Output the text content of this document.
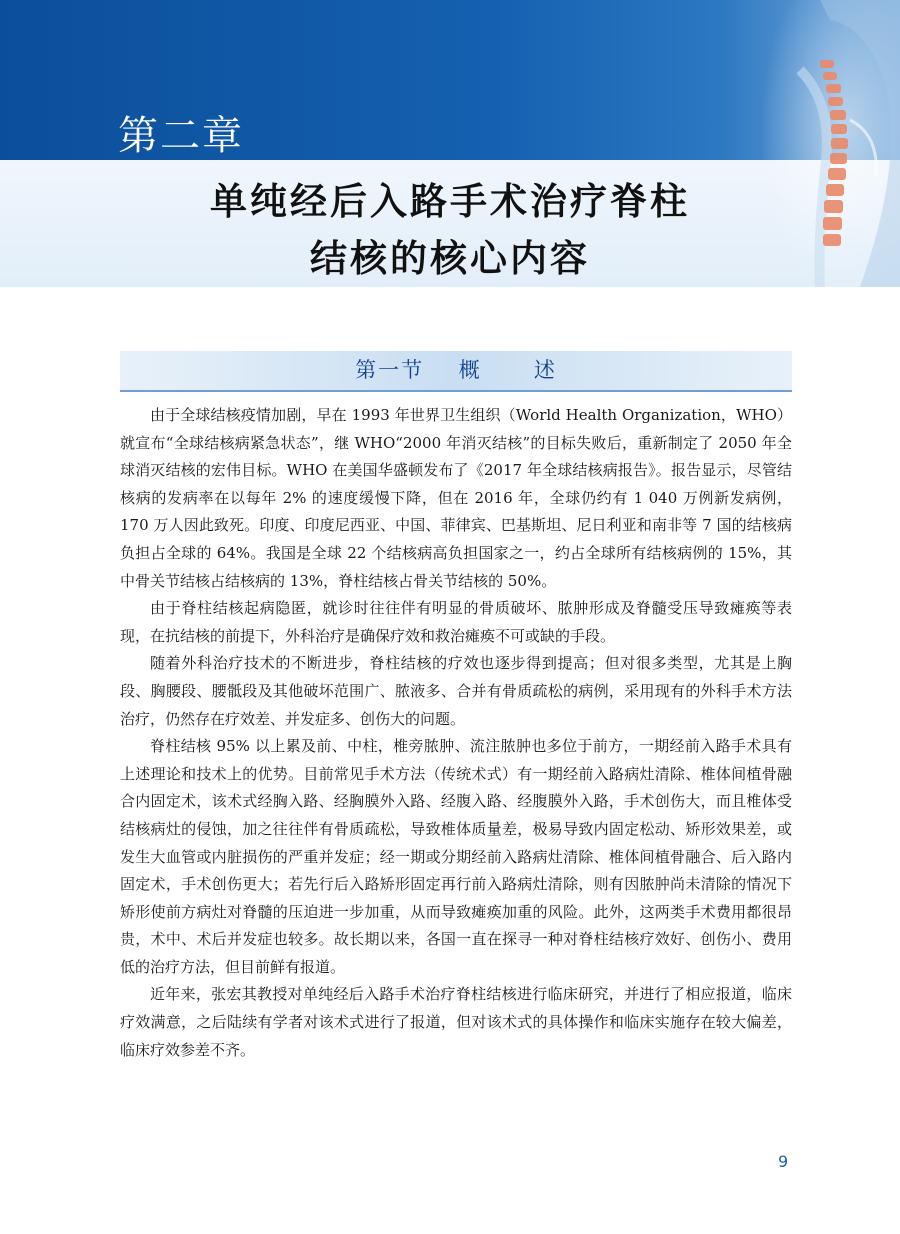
第二章
单纯经后入路手术治疗脊柱
结核的核心内容
第一节    概      述

由于全球结核疫情加剧，早在 1993 年世界卫生组织（World Health Organization，WHO）就宣布“全球结核病紧急状态”，继 WHO“2000 年消灭结核”的目标失败后，重新制定了 2050 年全球消灭结核的宏伟目标。WHO 在美国华盛顿发布了《2017 年全球结核病报告》。报告显示，尽管结核病的发病率在以每年 2% 的速度缓慢下降，但在 2016 年，全球仍约有 1 040 万例新发病例，170 万人因此致死。印度、印度尼西亚、中国、菲律宾、巴基斯坦、尼日利亚和南非等 7 国的结核病负担占全球的 64%。我国是全球 22 个结核病高负担国家之一，约占全球所有结核病例的 15%，其中骨关节结核占结核病的 13%，脊柱结核占骨关节结核的 50%。

由于脊柱结核起病隐匿，就诊时往往伴有明显的骨质破坏、脓肿形成及脊髓受压导致瘫痪等表现，在抗结核的前提下，外科治疗是确保疗效和救治瘫痪不可或缺的手段。

随着外科治疗技术的不断进步，脊柱结核的疗效也逐步得到提高；但对很多类型，尤其是上胸段、胸腰段、腰骶段及其他破坏范围广、脓液多、合并有骨质疏松的病例，采用现有的外科手术方法治疗，仍然存在疗效差、并发症多、创伤大的问题。

脊柱结核 95% 以上累及前、中柱，椎旁脓肿、流注脓肿也多位于前方，一期经前入路手术具有上述理论和技术上的优势。目前常见手术方法（传统术式）有一期经前入路病灶清除、椎体间植骨融合内固定术，该术式经胸入路、经胸膜外入路、经腹入路、经腹膜外入路，手术创伤大，而且椎体受结核病灶的侵蚀，加之往往伴有骨质疏松，导致椎体质量差，极易导致内固定松动、矫形效果差，或发生大血管或内脏损伤的严重并发症；经一期或分期经前入路病灶清除、椎体间植骨融合、后入路内固定术，手术创伤更大；若先行后入路矫形固定再行前入路病灶清除，则有因脓肿尚未清除的情况下矫形使前方病灶对脊髓的压迫进一步加重，从而导致瘫痪加重的风险。此外，这两类手术费用都很昂贵，术中、术后并发症也较多。故长期以来，各国一直在探寻一种对脊柱结核疗效好、创伤小、费用低的治疗方法，但目前鲜有报道。

近年来，张宏其教授对单纯经后入路手术治疗脊柱结核进行临床研究，并进行了相应报道，临床疗效满意，之后陆续有学者对该术式进行了报道，但对该术式的具体操作和临床实施存在较大偏差，临床疗效参差不齐。

9
